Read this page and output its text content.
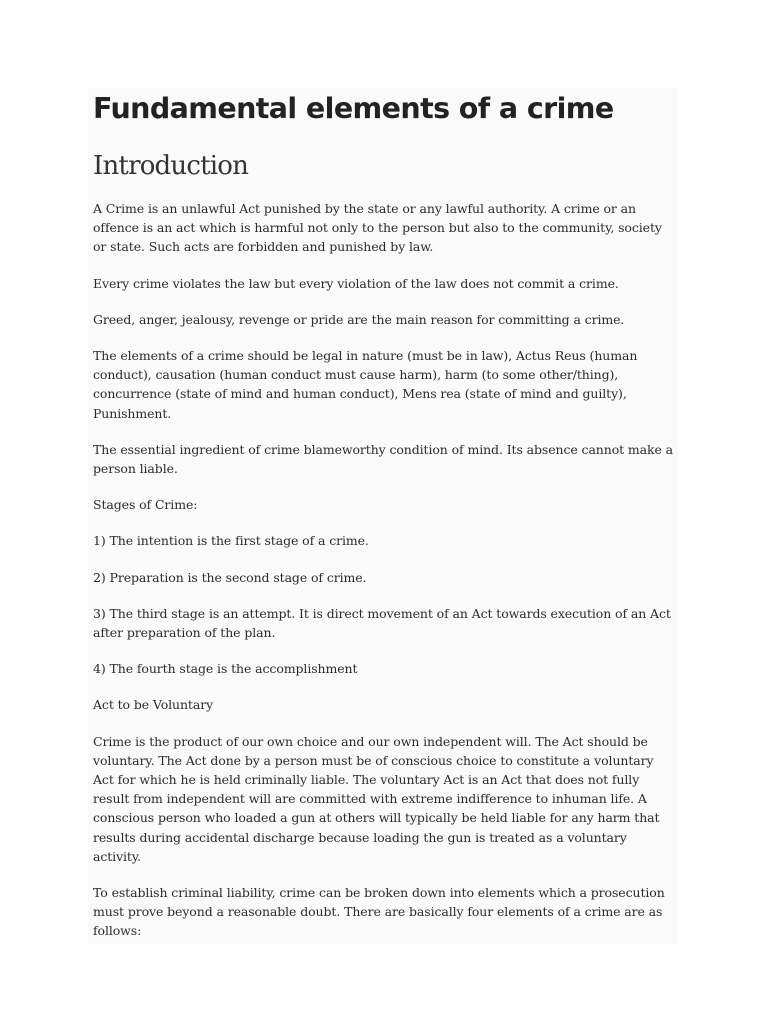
Fundamental elements of a crime
Introduction

A Crime is an unlawful Act punished by the state or any lawful authority. A crime or an offence is an act which is harmful not only to the person but also to the community, society or state. Such acts are forbidden and punished by law.

Every crime violates the law but every violation of the law does not commit a crime.

Greed, anger, jealousy, revenge or pride are the main reason for committing a crime.

The elements of a crime should be legal in nature (must be in law), Actus Reus (human conduct), causation (human conduct must cause harm), harm (to some other/thing), concurrence (state of mind and human conduct), Mens rea (state of mind and guilty), Punishment.

The essential ingredient of crime blameworthy condition of mind. Its absence cannot make a person liable.

Stages of Crime:

1) The intention is the first stage of a crime.

2) Preparation is the second stage of crime.

3) The third stage is an attempt. It is direct movement of an Act towards execution of an Act after preparation of the plan.

4) The fourth stage is the accomplishment

Act to be Voluntary

Crime is the product of our own choice and our own independent will. The Act should be voluntary. The Act done by a person must be of conscious choice to constitute a voluntary Act for which he is held criminally liable. The voluntary Act is an Act that does not fully result from independent will are committed with extreme indifference to inhuman life. A conscious person who loaded a gun at others will typically be held liable for any harm that results during accidental discharge because loading the gun is treated as a voluntary activity.

To establish criminal liability, crime can be broken down into elements which a prosecution must prove beyond a reasonable doubt. There are basically four elements of a crime are as follows:
